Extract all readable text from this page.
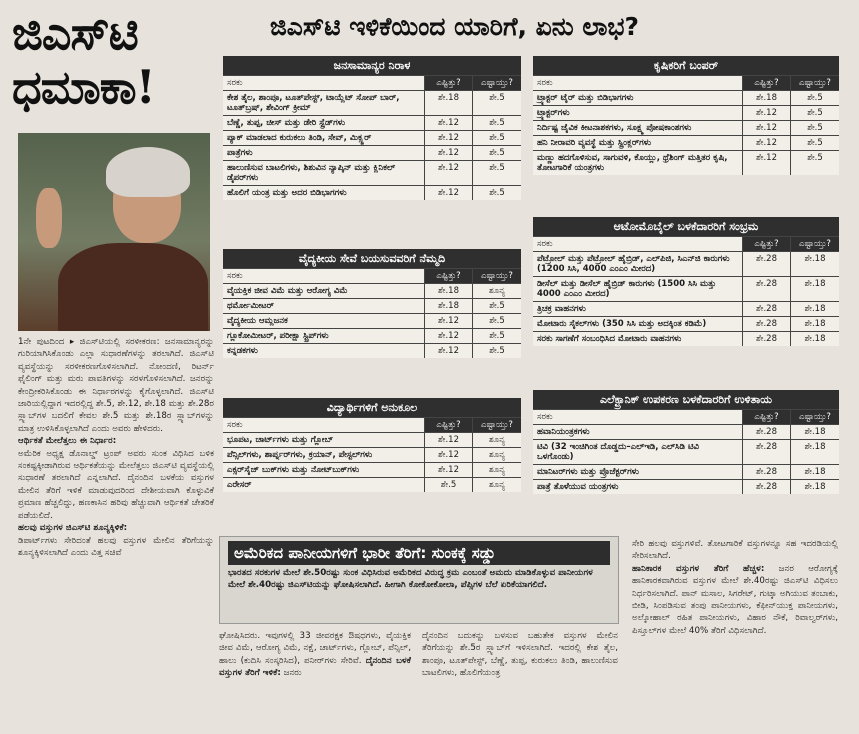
ಜಿಎಸ್‌ಟಿ
ಧಮಾಕಾ!
ಜಿಎಸ್‌ಟಿ ಇಳಿಕೆಯಿಂದ ಯಾರಿಗೆ, ಏನು ಲಾಭ?
ಜನಸಾಮಾನ್ಯರ ನಿರಾಳ
ಸರಕು	ಎಷ್ಟಿತ್ತು?	ಎಷ್ಟಾಯ್ತು?
ಕೇಶ ತೈಲ, ಶಾಂಪೂ, ಟೂತ್‌ಪೇಸ್ಟ್, ಟಾಯ್ಲೆಟ್ ಸೋಪ್ ಬಾರ್, ಟೂತ್‌ಬ್ರಷ್, ಶೇವಿಂಗ್ ಕ್ರೀಮ್
ಶೇ.18	ಶೇ.5
ಬೆಣ್ಣೆ, ತುಪ್ಪ, ಚೀಸ್ ಮತ್ತು ಡೇರಿ ಸ್ಪ್ರೆಡ್‌ಗಳು	ಶೇ.12	ಶೇ.5
ಪ್ಯಾಕ್ ಮಾಡಲಾದ ಕುರುಕಲು ತಿಂಡಿ, ಸೇವ್, ಮಿಕ್ಸ್ಚರ್	ಶೇ.12	ಶೇ.5
ಪಾತ್ರೆಗಳು	ಶೇ.12	ಶೇ.5
ಹಾಲುಣಿಸುವ ಬಾಟಲಿಗಳು, ಶಿಶುವಿನ ನ್ಯಾಪ್ಕಿನ್ ಮತ್ತು ಕ್ಲಿನಿಕಲ್ ಡೈಪರ್‌ಗಳು
ಶೇ.12	ಶೇ.5
ಹೊಲಿಗೆ ಯಂತ್ರ ಮತ್ತು ಅದರ ಬಿಡಿಭಾಗಗಳು	ಶೇ.12	ಶೇ.5
ವೈದ್ಯಕೀಯ ಸೇವೆ ಬಯಸುವವರಿಗೆ ನೆಮ್ಮದಿ
ಸರಕು	ಎಷ್ಟಿತ್ತು?	ಎಷ್ಟಾಯ್ತು?
ವೈಯಕ್ತಿಕ ಜೀವ ವಿಮೆ ಮತ್ತು ಆರೋಗ್ಯ ವಿಮೆ	ಶೇ.18	ಶೂನ್ಯ
ಥರ್ಮೋಮೀಟರ್	ಶೇ.18	ಶೇ.5
ವೈದ್ಯಕೀಯ ಆಮ್ಲಜನಕ	ಶೇ.12	ಶೇ.5
ಗ್ಲೂಕೋಮೀಟರ್, ಪರೀಕ್ಷಾ ಸ್ಟ್ರಿಪ್‌ಗಳು	ಶೇ.12	ಶೇ.5
ಕನ್ನಡಕಗಳು	ಶೇ.12	ಶೇ.5
ವಿದ್ಯಾರ್ಥಿಗಳಿಗೆ ಅನುಕೂಲ
ಸರಕು	ಎಷ್ಟಿತ್ತು?	ಎಷ್ಟಾಯ್ತು?
ಭೂಪಟ, ಚಾರ್ಟ್‌ಗಳು ಮತ್ತು ಗ್ಲೋಬ್	ಶೇ.12	ಶೂನ್ಯ
ಪೆನ್ಸಿಲ್‌ಗಳು, ಶಾರ್ಪ್ನರ್‌ಗಳು, ಕ್ರಯಾನ್, ಪೇಸ್ಟಲ್‌ಗಳು	ಶೇ.12	ಶೂನ್ಯ
ಎಕ್ಸರ್‌ಸೈಜ್ ಬುಕ್‌ಗಳು ಮತ್ತು ನೋಟ್‌ಬುಕ್‌ಗಳು	ಶೇ.12	ಶೂನ್ಯ
ಎರೇಸರ್	ಶೇ.5	ಶೂನ್ಯ
ಕೃಷಿಕರಿಗೆ ಬಂಪರ್
ಸರಕು	ಎಷ್ಟಿತ್ತು?	ಎಷ್ಟಾಯ್ತು?
ಟ್ರ್ಯಾಕ್ಟರ್ ಟೈರ್ ಮತ್ತು ಬಿಡಿಭಾಗಗಳು	ಶೇ.18	ಶೇ.5
ಟ್ರ್ಯಾಕ್ಟರ್‌ಗಳು	ಶೇ.12	ಶೇ.5
ನಿರ್ದಿಷ್ಟ ಜೈವಿಕ ಕೀಟನಾಶಕಗಳು, ಸೂಕ್ಷ್ಮ ಪೋಷಕಾಂಶಗಳು	ಶೇ.12	ಶೇ.5
ಹನಿ ನೀರಾವರಿ ವ್ಯವಸ್ಥೆ ಮತ್ತು ಸ್ಪ್ರಿಂಕ್ಲರ್‌ಗಳು	ಶೇ.12	ಶೇ.5
ಮಣ್ಣು ಹದಗೊಳಿಸುವ, ಸಾಗುವಳಿ, ಕೊಯ್ಲು, ಥ್ರೆಶಿಂಗ್ ಮತ್ತಿತರ ಕೃಷಿ, ತೋಟಗಾರಿಕೆ ಯಂತ್ರಗಳು
ಶೇ.12	ಶೇ.5
ಆಟೋಮೊಬೈಲ್ ಬಳಕೆದಾರರಿಗೆ ಸಂಭ್ರಮ
ಸರಕು	ಎಷ್ಟಿತ್ತು?	ಎಷ್ಟಾಯ್ತು?
ಪೆಟ್ರೋಲ್ ಮತ್ತು ಪೆಟ್ರೋಲ್ ಹೈಬ್ರಿಡ್, ಎಲ್‌ಪಿಜಿ, ಸಿಎನ್‌ಜಿ ಕಾರುಗಳು (1200 ಸಿಸಿ, 4000 ಎಂಎಂ ಮೀರದ)
ಶೇ.28	ಶೇ.18
ಡೀಸೆಲ್ ಮತ್ತು ಡೀಸೆಲ್ ಹೈಬ್ರಿಡ್ ಕಾರುಗಳು (1500 ಸಿಸಿ ಮತ್ತು 4000 ಎಂಎಂ ಮೀರದ)
ಶೇ.28	ಶೇ.18
ತ್ರಿಚಕ್ರ ವಾಹನಗಳು	ಶೇ.28	ಶೇ.18
ಮೋಟಾರು ಸೈಕಲ್‌ಗಳು (350 ಸಿಸಿ ಮತ್ತು ಅದಕ್ಕಿಂತ ಕಡಿಮೆ)	ಶೇ.28	ಶೇ.18
ಸರಕು ಸಾಗಣೆಗೆ ಸಂಬಂಧಿಸಿದ ಮೋಟಾರು ವಾಹನಗಳು	ಶೇ.28	ಶೇ.18
ಎಲೆಕ್ಟ್ರಾನಿಕ್ ಉಪಕರಣ ಬಳಕೆದಾರರಿಗೆ ಉಳಿತಾಯ
ಸರಕು	ಎಷ್ಟಿತ್ತು?	ಎಷ್ಟಾಯ್ತು?
ಹವಾನಿಯಂತ್ರಕಗಳು	ಶೇ.28	ಶೇ.18
ಟಿವಿ (32 ಇಂಚಿಗಿಂತ ದೊಡ್ಡದು–ಎಲ್‌ಇಡಿ, ಎಲ್‌ಸಿಡಿ ಟಿವಿ ಒಳಗೊಂಡು)
ಶೇ.28	ಶೇ.18
ಮಾನಿಟರ್‌ಗಳು ಮತ್ತು ಪ್ರೊಜೆಕ್ಟರ್‌ಗಳು	ಶೇ.28	ಶೇ.18
ಪಾತ್ರೆ ತೊಳೆಯುವ ಯಂತ್ರಗಳು	ಶೇ.28	ಶೇ.18

1ನೇ ಪುಟದಿಂದ ▸ ಜಿಎಸ್‌ಟಿಯಲ್ಲಿ ಸರಳೀಕರಣ: ಜನಸಾಮಾನ್ಯರನ್ನು ಗುರಿಯಾಗಿಸಿಕೊಂಡು ಎಲ್ಲಾ ಸುಧಾರಣೆಗಳನ್ನು ತರಲಾಗಿದೆ. ಜಿಎಸ್‌ಟಿ ವ್ಯವಸ್ಥೆಯನ್ನು ಸರಳೀಕರಣಗೊಳಿಸಲಾಗಿದೆ. ನೋಂದಣಿ, ರಿಟರ್ನ್ ಫೈಲಿಂಗ್ ಮತ್ತು ಮರು ಪಾವತಿಗಳನ್ನು ಸರಳಗೊಳಿಸಲಾಗಿದೆ. ಜನರನ್ನು ಕೇಂದ್ರೀಕರಿಸಿಕೊಂಡು ಈ ನಿರ್ಧಾರಗಳನ್ನು ಕೈಗೊಳ್ಳಲಾಗಿದೆ. ಜಿಎಸ್‌ಟಿ ಜಾರಿಯಲ್ಲಿದ್ದಾಗ ಇದರಲ್ಲಿದ್ದ ಶೇ.5, ಶೇ.12, ಶೇ.18 ಮತ್ತು ಶೇ.28ರ ಸ್ಲ್ಯಾಬ್‌ಗಳ ಬದಲಿಗೆ ಕೇವಲ ಶೇ.5 ಮತ್ತು ಶೇ.18ರ ಸ್ಲ್ಯಾಬ್‌ಗಳನ್ನು ಮಾತ್ರ ಉಳಿಸಿಕೊಳ್ಳಲಾಗಿದೆ ಎಂದು ಅವರು ಹೇಳಿದರು.

ಆರ್ಥಿಕತೆ ಮೇಲೆತ್ತಲು ಈ ನಿರ್ಧಾರ:

ಅಮೆರಿಕ ಅಧ್ಯಕ್ಷ ಡೊನಾಲ್ಡ್ ಟ್ರಂಪ್ ಅವರು ಸುಂಕ ವಿಧಿಸಿದ ಬಳಿಕ ಸಂಕಷ್ಟಕ್ಕೀಡಾಗಿರುವ ಆರ್ಥಿಕತೆಯನ್ನು ಮೇಲೆತ್ತಲು ಜಿಎಸ್‌ಟಿ ವ್ಯವಸ್ಥೆಯಲ್ಲಿ ಸುಧಾರಣೆ ತರಲಾಗಿದೆ ಎನ್ನಲಾಗಿದೆ. ದೈನಂದಿನ ಬಳಕೆಯ ವಸ್ತುಗಳ ಮೇಲಿನ ತೆರಿಗೆ ಇಳಿಕೆ ಮಾಡುವುದರಿಂದ ದೇಶೀಯವಾಗಿ ಕೊಳ್ಳುವಿಕೆ ಪ್ರಮಾಣ ಹೆಚ್ಚಲಿದ್ದು, ಹಣಕಾಸಿನ ಹರಿವು ಹೆಚ್ಚುವಾಗಿ ಆರ್ಥಿಕತೆ ಚೇತರಿಕೆ ಪಡೆಯಲಿದೆ.

ಹಲವು ವಸ್ತುಗಳ ಜಿಎಸ್‌ಟಿ ಶೂನ್ಯಕ್ಕಿಳಿಕೆ:

ಡಿಪಾರ್ಟ್‌ಗಳು ಸೇರಿದಂತೆ ಹಲವು ವಸ್ತುಗಳ ಮೇಲಿನ ತೆರಿಗೆಯನ್ನು ಶೂನ್ಯಕ್ಕಿಳಿಸಲಾಗಿದೆ ಎಂದು ವಿತ್ತ ಸಚಿವೆ	ಅಮೆರಿಕದ ಪಾನೀಯಗಳಿಗೆ ಭಾರೀ ತೆರಿಗೆ: ಸುಂಕಕ್ಕೆ ಸಡ್ಡು
ಭಾರತದ ಸರಕುಗಳ ಮೇಲೆ ಶೇ.50ರಷ್ಟು ಸುಂಕ ವಿಧಿಸಿರುವ ಅಮೆರಿಕದ ವಿರುದ್ಧ ಕ್ರಮ ಎಂಬಂತೆ ಅಮದು ಮಾಡಿಕೊಳ್ಳುವ ಪಾನೀಯಗಳ ಮೇಲೆ ಶೇ.40ರಷ್ಟು ಜಿಎಸ್‌ಟಿಯನ್ನು ಘೋಷಿಸಲಾಗಿದೆ. ಹೀಗಾಗಿ ಕೋಕೋಕೋಲಾ, ಪೆಪ್ಸಿಗಳ ಬೆಲೆ ಏರಿಕೆಯಾಗಲಿದೆ.
ಘೋಷಿಸಿದರು. ಇವುಗಳಲ್ಲಿ 33 ಜೀವರಕ್ಷಕ ಔಷಧಗಳು, ವೈಯಕ್ತಿಕ ಜೀವ ವಿಮೆ, ಆರೋಗ್ಯ ವಿಮೆ, ನಕ್ಷೆ, ಚಾರ್ಟ್‌ಗಳು, ಗ್ಲೋಬ್, ಪೆನ್ಸಿಲ್, ಹಾಲು (ಕುದಿಸಿ ಸಂಸ್ಕರಿಸಿದ), ಪನೀರ್‌ಗಳು ಸೇರಿವೆ. ದೈನಂದಿನ ಬಳಕೆ ವಸ್ತುಗಳ ತೆರಿಗೆ ಇಳಿಕೆ: ಜನರು
ದೈನಂದಿನ ಬದುಕನ್ನು ಬಳಸುವ ಬಹುತೇಕ ವಸ್ತುಗಳ ಮೇಲಿನ ತೆರಿಗೆಯನ್ನು ಶೇ.5ರ ಸ್ಲ್ಯಾಬ್‌ಗೆ ಇಳಿಸಲಾಗಿದೆ. ಇದರಲ್ಲಿ ಕೇಶ ತೈಲ, ಶಾಂಪೂ, ಟೂತ್‌ಪೇಸ್ಟ್, ಬೆಣ್ಣೆ, ತುಪ್ಪ, ಕುರುಕಲು ತಿಂಡಿ, ಹಾಲುಣಿಸುವ ಬಾಟಲಿಗಳು, ಹೊಲಿಗೆಯಂತ್ರ

ಸೇರಿ ಹಲವು ವಸ್ತುಗಳಿವೆ. ತೋಟಗಾರಿಕೆ ವಸ್ತುಗಳನ್ನೂ ಸಹ ಇದರಡಿಯಲ್ಲಿ ಸೇರಿಸಲಾಗಿದೆ.

ಹಾನಿಕಾರಕ ವಸ್ತುಗಳ ತೆರಿಗೆ ಹೆಚ್ಚಳ: ಜನರ ಆರೋಗ್ಯಕ್ಕೆ ಹಾನಿಕಾರಕವಾಗಿರುವ ವಸ್ತುಗಳ ಮೇಲೆ ಶೇ.40ರಷ್ಟು ಜಿಎಸ್‌ಟಿ ವಿಧಿಸಲು ನಿರ್ಧರಿಸಲಾಗಿದೆ. ಪಾನ್ ಮಸಾಲ, ಸಿಗರೇಟ್, ಗುಟ್ಕಾ ಅಗಿಯುವ ತಂಬಾಕು, ಬೀಡಿ, ಸಿಂಪಡಿಸುವ ತಂಪು ಪಾನೀಯಗಳು, ಕೆಫೀನ್‌ಯುಕ್ತ ಪಾನೀಯಗಳು, ಅಲ್ಕೋಹಾಲ್ ರಹಿತ ಪಾನೀಯಗಳು, ವಿಹಾರ ನೌಕೆ, ರಿವಾಲ್ವರ್‌ಗಳು, ಪಿಸ್ತೂಲ್‌ಗಳ ಮೇಲೆ 40% ತೆರಿಗೆ ವಿಧಿಸಲಾಗಿದೆ.
